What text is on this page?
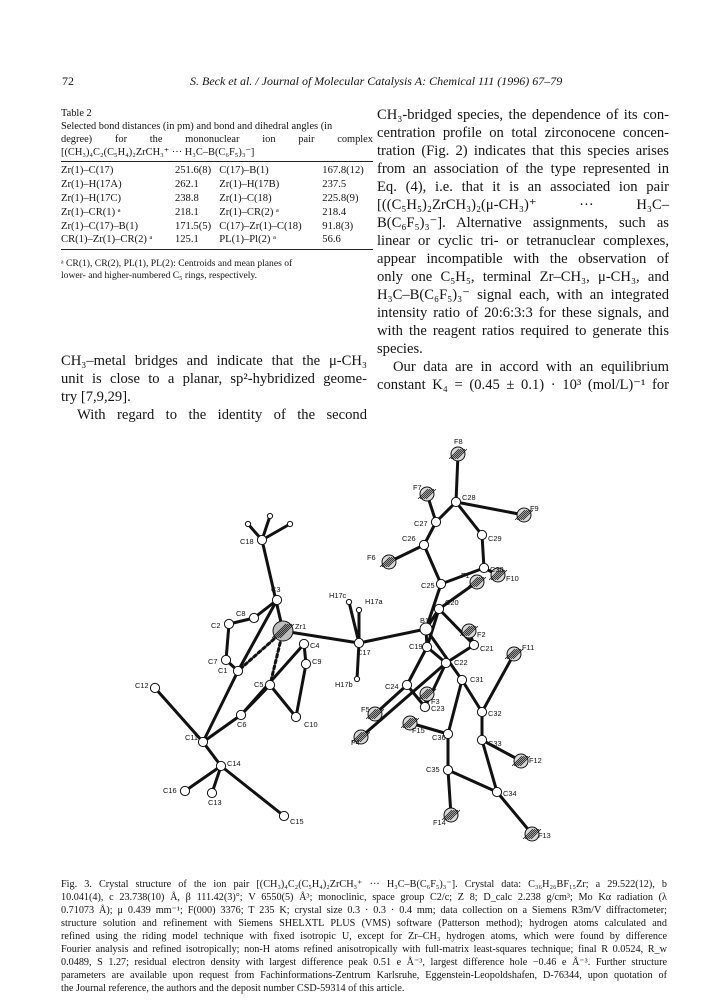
72	S. Beck et al. / Journal of Molecular Catalysis A: Chemical 111 (1996) 67–79
Table 2
Selected bond distances (in pm) and bond and dihedral angles (in
degree) for the mononuclear ion pair complex
[(CH₃)₄C₂(C₅H₄)₂ZrCH₃⁺ ··· H₃C–B(C₆F₅)₃⁻]
Zr(1)–C(17)	251.6(8)	C(17)–B(1)	167.8(12)
Zr(1)–H(17A)	262.1	Zr(1)–H(17B)	237.5
Zr(1)–H(17C)	238.8	Zr(1)–C(18)	225.8(9)
Zr(1)–CR(1) ᵃ	218.1	Zr(1)–CR(2) ᵃ	218.4
Zr(1)–C(17)–B(1)	171.5(5)	C(17)–Zr(1)–C(18)	91.8(3)
CR(1)–Zr(1)–CR(2) ᵃ	125.1	PL(1)–Pl(2) ᵃ	56.6
ᵃ CR(1), CR(2), PL(1), PL(2): Centroids and mean planes of
lower- and higher-numbered C₅ rings, respectively.
CH₃–metal bridges and indicate that the μ-CH₃
unit is close to a planar, sp²-hybridized geome-
try [7,9,29].
With regard to the identity of the second
CH₃-bridged species, the dependence of its con-
centration profile on total zirconocene concen-
tration (Fig. 2) indicates that this species arises
from an association of the type represented in
Eq. (4), i.e. that it is an associated ion pair
[((C₅H₅)₂ZrCH₃)₂(μ-CH₃)⁺ ··· H₃C–
B(C₆F₅)₃⁻]. Alternative assignments, such as
linear or cyclic tri- or tetranuclear complexes,
appear incompatible with the observation of
only one C₅H₅, terminal Zr–CH₃, μ-CH₃, and
H₃C–B(C₆F₅)₃⁻ signal each, with an integrated
intensity ratio of 20:6:3:3 for these signals, and
with the reagent ratios required to generate this
species.
Our data are in accord with an equilibrium
constant K₄ = (0.45 ± 0.1) · 10³ (mol/L)⁻¹ for
F8
F7
C28
F9
C27
C29
C26
F6
C18
C30
C25
F1	F10
H17c
H17a	C20
F2
C3
B1
C8
C2	Zr1
C21
C4
C9
C17
C19
C7	C22
F11
C1
C5
C31
H17b	C24
F3
C12
C23
C32
F5
F15
C6	C10
C36
C33
F4
C11
F12
C14
C35
C16
C13
C34
C15	F14
F13
Fig. 3. Crystal structure of the ion pair [(CH₃)₄C₂(C₅H₄)₂ZrCH₃⁺ ··· H₃C–B(C₆F₅)₃⁻]. Crystal data: C₃₆H₂₆BF₁₅Zr; a 29.522(12), b
10.041(4), c 23.738(10) Å, β 111.42(3)°; V 6550(5) Å³; monoclinic, space group C2/c; Z 8; D_calc 2.238 g/cm³; Mo Kα radiation (λ
0.71073 Å); μ 0.439 mm⁻¹; F(000) 3376; T 235 K; crystal size 0.3 · 0.3 · 0.4 mm; data collection on a Siemens R3m/V diffractometer;
structure solution and refinement with Siemens SHELXTL PLUS (VMS) software (Patterson method); hydrogen atoms calculated and
refined using the riding model technique with fixed isotropic U, except for Zr–CH₃ hydrogen atoms, which were found by difference
Fourier analysis and refined isotropically; non-H atoms refined anisotropically with full-matrix least-squares technique; final R 0.0524, R_w
0.0489, S 1.27; residual electron density with largest difference peak 0.51 e Å⁻³, largest difference hole −0.46 e Å⁻³. Further structure
parameters are available upon request from Fachinformations-Zentrum Karlsruhe, Eggenstein-Leopoldshafen, D-76344, upon quotation of
the Journal reference, the authors and the deposit number CSD-59314 of this article.
